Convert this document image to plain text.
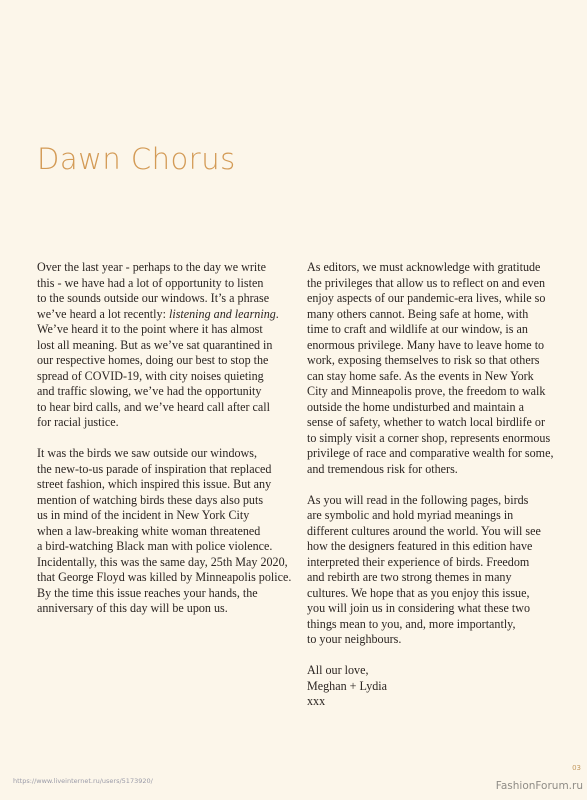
Dawn Chorus

Over the last year - perhaps to the day we write
this - we have had a lot of opportunity to listen
to the sounds outside our windows. It’s a phrase
we’ve heard a lot recently: listening and learning.
We’ve heard it to the point where it has almost
lost all meaning. But as we’ve sat quarantined in
our respective homes, doing our best to stop the
spread of COVID-19, with city noises quieting
and traffic slowing, we’ve had the opportunity
to hear bird calls, and we’ve heard call after call
for racial justice.

It was the birds we saw outside our windows,
the new-to-us parade of inspiration that replaced
street fashion, which inspired this issue. But any
mention of watching birds these days also puts
us in mind of the incident in New York City
when a law-breaking white woman threatened
a bird-watching Black man with police violence.
Incidentally, this was the same day, 25th May 2020,
that George Floyd was killed by Minneapolis police.
By the time this issue reaches your hands, the
anniversary of this day will be upon us.

As editors, we must acknowledge with gratitude
the privileges that allow us to reflect on and even
enjoy aspects of our pandemic-era lives, while so
many others cannot. Being safe at home, with
time to craft and wildlife at our window, is an
enormous privilege. Many have to leave home to
work, exposing themselves to risk so that others
can stay home safe. As the events in New York
City and Minneapolis prove, the freedom to walk
outside the home undisturbed and maintain a
sense of safety, whether to watch local birdlife or
to simply visit a corner shop, represents enormous
privilege of race and comparative wealth for some,
and tremendous risk for others.

As you will read in the following pages, birds
are symbolic and hold myriad meanings in
different cultures around the world. You will see
how the designers featured in this edition have
interpreted their experience of birds. Freedom
and rebirth are two strong themes in many
cultures. We hope that as you enjoy this issue,
you will join us in considering what these two
things mean to you, and, more importantly,
to your neighbours.

All our love,
Meghan + Lydia
xxx

https://www.liveinternet.ru/users/5173920/
03
FashionForum.ru
